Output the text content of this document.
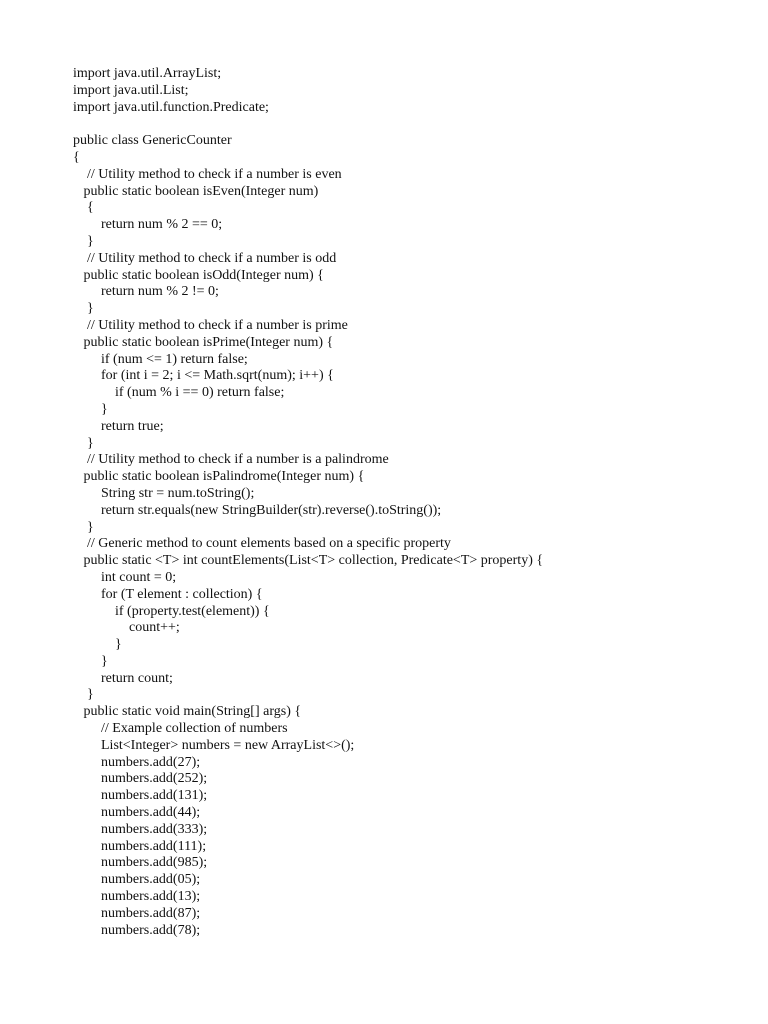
import java.util.ArrayList;
import java.util.List;
import java.util.function.Predicate;
public class GenericCounter
{
// Utility method to check if a number is even
public static boolean isEven(Integer num)
{
return num % 2 == 0;
}
// Utility method to check if a number is odd
public static boolean isOdd(Integer num) {
return num % 2 != 0;
}
// Utility method to check if a number is prime
public static boolean isPrime(Integer num) {
if (num <= 1) return false;
for (int i = 2; i <= Math.sqrt(num); i++) {
if (num % i == 0) return false;
}
return true;
}
// Utility method to check if a number is a palindrome
public static boolean isPalindrome(Integer num) {
String str = num.toString();
return str.equals(new StringBuilder(str).reverse().toString());
}
// Generic method to count elements based on a specific property
public static <T> int countElements(List<T> collection, Predicate<T> property) {
int count = 0;
for (T element : collection) {
if (property.test(element)) {
count++;
}
}
return count;
}
public static void main(String[] args) {
// Example collection of numbers
List<Integer> numbers = new ArrayList<>();
numbers.add(27);
numbers.add(252);
numbers.add(131);
numbers.add(44);
numbers.add(333);
numbers.add(111);
numbers.add(985);
numbers.add(05);
numbers.add(13);
numbers.add(87);
numbers.add(78);
